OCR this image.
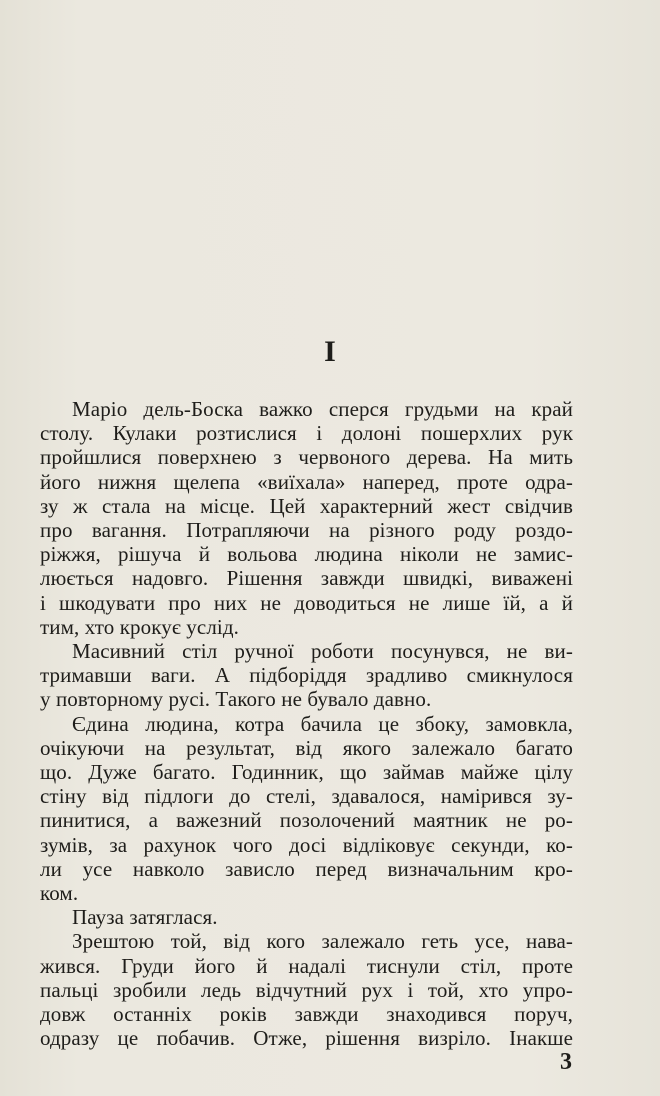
I
Маріо дель-Боска важко сперся грудьми на край
столу. Кулаки розтислися і долоні пошерхлих рук
пройшлися поверхнею з червоного дерева. На мить
його нижня щелепа «виїхала» наперед, проте одра-
зу ж стала на місце. Цей характерний жест свідчив
про вагання. Потрапляючи на різного роду роздо-
ріжжя, рішуча й вольова людина ніколи не замис-
люється надовго. Рішення завжди швидкі, виважені
і шкодувати про них не доводиться не лише їй, а й
тим, хто крокує услід.
Масивний стіл ручної роботи посунувся, не ви-
тримавши ваги. А підборіддя зрадливо смикнулося
у повторному русі. Такого не бувало давно.
Єдина людина, котра бачила це збоку, замовкла,
очікуючи на результат, від якого залежало багато
що. Дуже багато. Годинник, що займав майже цілу
стіну від підлоги до стелі, здавалося, намірився зу-
пинитися, а важезний позолочений маятник не ро-
зумів, за рахунок чого досі відліковує секунди, ко-
ли усе навколо зависло перед визначальним кро-
ком.
Пауза затяглася.
Зрештою той, від кого залежало геть усе, нава-
жився. Груди його й надалі тиснули стіл, проте
пальці зробили ледь відчутний рух і той, хто упро-
довж останніх років завжди знаходився поруч,
одразу це побачив. Отже, рішення визріло. Інакше
3
